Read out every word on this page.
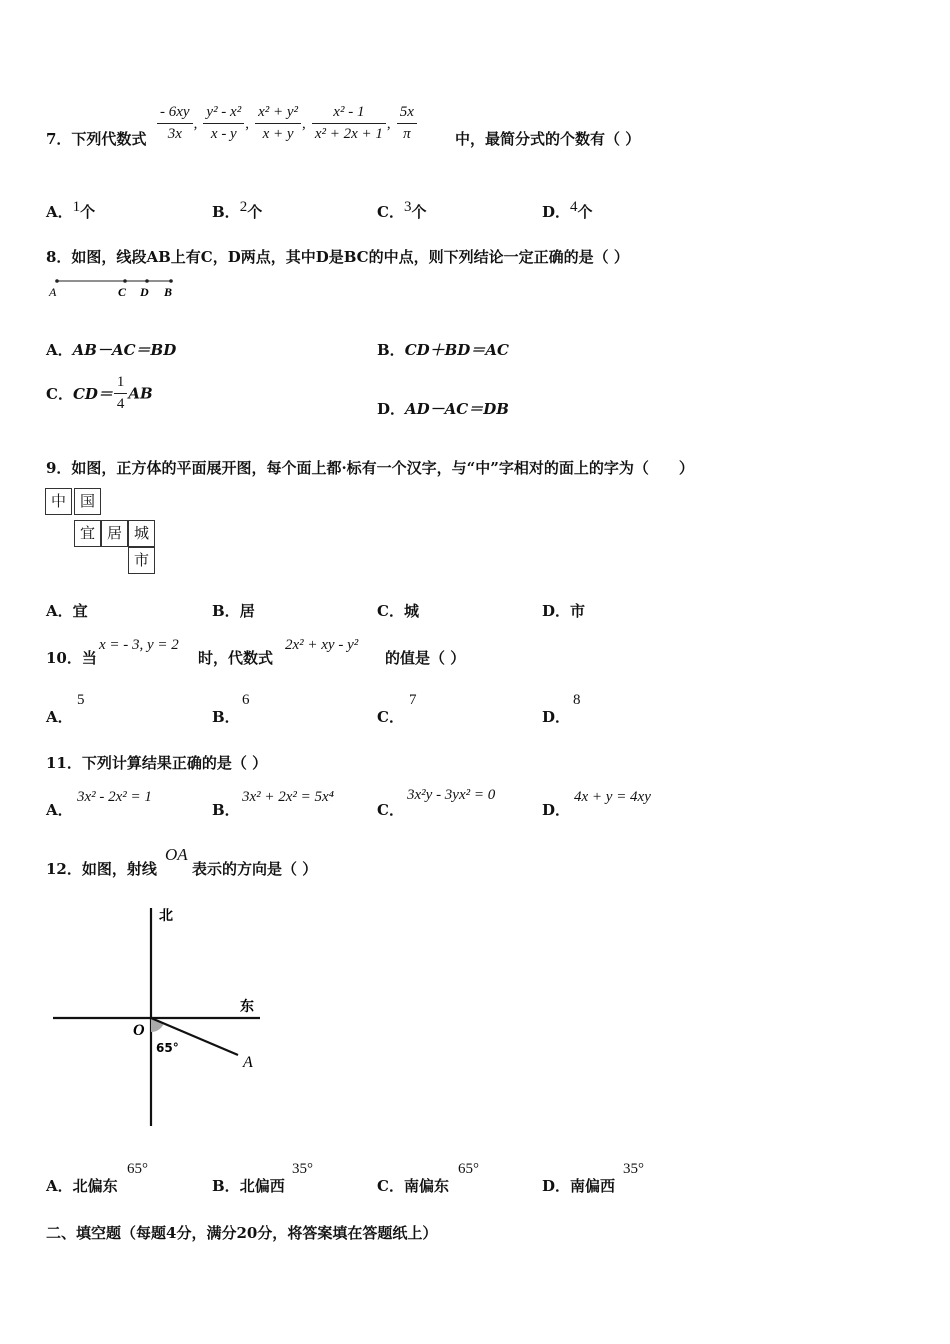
7．下列代数式 $\frac{- 6xy}{3x}$ , $\frac{\text{y² - x²}}{x - y}$ , $\frac{\text{x² + y²}}{x + y}$ , $\frac{\text{x² - 1}}{\text{x² + 2x + 1}}$ , $\frac{5x}{\pi}$	中，最简分式的个数有（ ）
A．$^1$个	B．$^2$个	C．$^3$个	D．$^4$个
8．如图，线段AB上有C，D两点，其中D是BC的中点，则下列结论一定正确的是（ ）
A	C D B
A．AB－AC＝BD	B．CD＋BD＝AC
C．$CD= \frac{1}{4}$ AB
D．AD－AC＝DB
9．如图，正方体的平面展开图，每个面上都·标有一个汉字，与“中”字相对的面上的字为（　　）
中 国
宜 居 城
市
A．宜	B．居	C．城	D．市
10．当
x = - 3, y = 2
时，代数式
2x² + xy - y²
的值是（ ）
A．
5
B．
6
C．
7
D．
8
11．下列计算结果正确的是（ ）
A．
3x² - 2x² = 1
B．
3x² + 2x² = 5x⁴
C．
3x²y - 3yx² = 0
D．
4x + y = 4xy
12．如图，射线
OA
表示的方向是（ ）
北
东
O
A
65°
A．北偏东
65°
B．北偏西
35°
C．南偏东
65°
D．南偏西
35°
二、填空题（每题4分，满分20分，将答案填在答题纸上）
